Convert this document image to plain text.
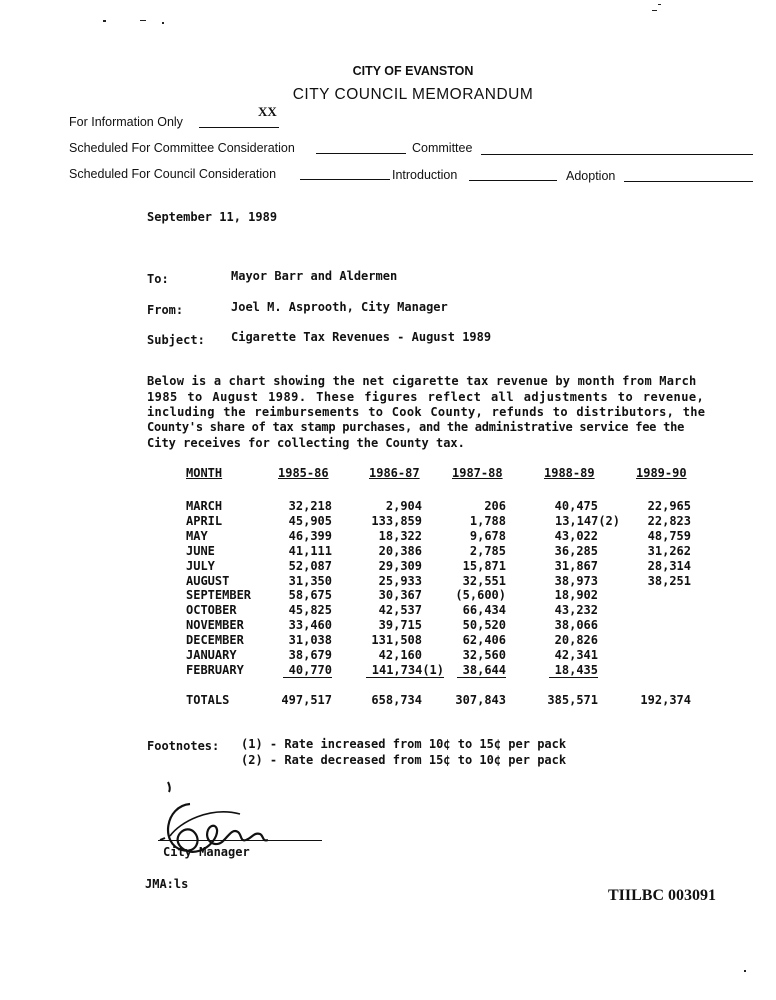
CITY OF EVANSTON
CITY COUNCIL MEMORANDUM
For Information Only
XX
Scheduled For Committee Consideration	Committee
Scheduled For Council Consideration	Introduction	Adoption
September 11, 1989
To:	Mayor Barr and Aldermen
From:	Joel M. Asprooth, City Manager
Subject: Cigarette Tax Revenues - August 1989
Below is a chart showing the net cigarette tax revenue by month from March
1985 to August 1989. These figures reflect all adjustments to revenue,
including the reimbursements to Cook County, refunds to distributors, the
County's share of tax stamp purchases, and the administrative service fee the
City receives for collecting the County tax.
MONTH	1985-86	1986-87	1987-88	1988-89	1989-90
MARCH	32,218	2,904	206	40,475	22,965
APRIL	45,905	133,859	1,788	13,147(2) 22,823
MAY	46,399	18,322	9,678	43,022	48,759
JUNE	41,111	20,386	2,785	36,285	31,262
JULY	52,087	29,309	15,871	31,867	28,314
AUGUST	31,350	25,933	32,551	38,973	38,251
SEPTEMBER	58,675	30,367	(5,600)	18,902
OCTOBER	45,825	42,537	66,434	43,232
NOVEMBER	33,460	39,715	50,520	38,066
DECEMBER	31,038	131,508	62,406	20,826
JANUARY	38,679	42,160	32,560	42,341
FEBRUARY	40,770	141,734(1)	38,644	18,435
TOTALS	497,517	658,734	307,843	385,571	192,374
Footnotes: (1) - Rate increased from 10¢ to 15¢ per pack
(2) - Rate decreased from 15¢ to 10¢ per pack
City Manager
JMA:ls
TIILBC 003091
